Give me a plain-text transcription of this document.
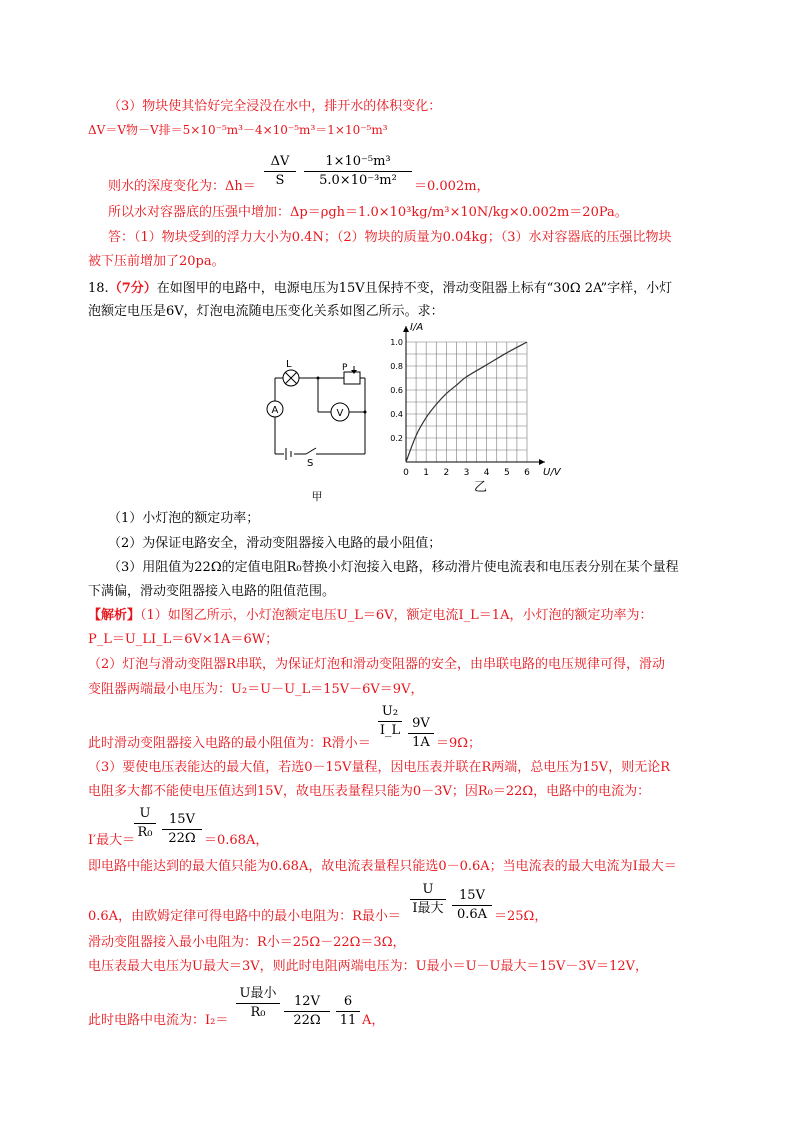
（3）物块使其恰好完全浸没在水中，排开水的体积变化：
ΔV＝V物－V排＝5×10⁻⁵m³－4×10⁻⁵m³＝1×10⁻⁵m³
则水的深度变化为：Δh＝
ΔV
S
1×10⁻⁵m³
5.0×10⁻³m²	＝0.002m，
所以水对容器底的压强中增加：Δp＝ρgh＝1.0×10³kg/m³×10N/kg×0.002m＝20Pa。
答：（1）物块受到的浮力大小为0.4N；（2）物块的质量为0.04kg；（3）水对容器底的压强比物块
被下压前增加了20pa。
18.（7分）在如图甲的电路中，电源电压为15V且保持不变，滑动变阻器上标有“30Ω 2A”字样，小灯
泡额定电压是6V，灯泡电流随电压变化关系如图乙所示。求：
L	P
A	V
S
甲
0 1 2 3 4 5 6
0.2
0.4
0.6
0.8
1.0
I/A
U/V
乙
（1）小灯泡的额定功率；
（2）为保证电路安全，滑动变阻器接入电路的最小阻值；
（3）用阻值为22Ω的定值电阻R₀替换小灯泡接入电路，移动滑片使电流表和电压表分别在某个量程
下满偏，滑动变阻器接入电路的阻值范围。
【解析】（1）如图乙所示，小灯泡额定电压U_L＝6V，额定电流I_L＝1A，小灯泡的额定功率为：
P_L＝U_LI_L＝6V×1A＝6W；
（2）灯泡与滑动变阻器R串联，为保证灯泡和滑动变阻器的安全，由串联电路的电压规律可得，滑动
变阻器两端最小电压为：U₂＝U－U_L＝15V－6V＝9V，
此时滑动变阻器接入电路的最小阻值为：R滑小＝
U₂
I_L 9V
1A ＝9Ω；
（3）要使电压表能达的最大值，若选0－15V量程，因电压表并联在R两端，总电压为15V，则无论R
电阻多大都不能使电压值达到15V，故电压表量程只能为0－3V；因R₀＝22Ω，电路中的电流为：
I′最大＝
U
R₀
15V
22Ω ＝0.68A，
即电路中能达到的最大值只能为0.68A，故电流表量程只能选0－0.6A；当电流表的最大电流为I最大＝
0.6A，由欧姆定律可得电路中的最小电阻为：R最小＝
U
I最大
15V
0.6A ＝25Ω，
滑动变阻器接入最小电阻为：R小＝25Ω－22Ω＝3Ω，
电压表最大电压为U最大＝3V，则此时电阻两端电压为：U最小＝U－U最大＝15V－3V＝12V，
此时电路中电流为：I₂＝
U最小
R₀
12V
22Ω
6
11 A，
